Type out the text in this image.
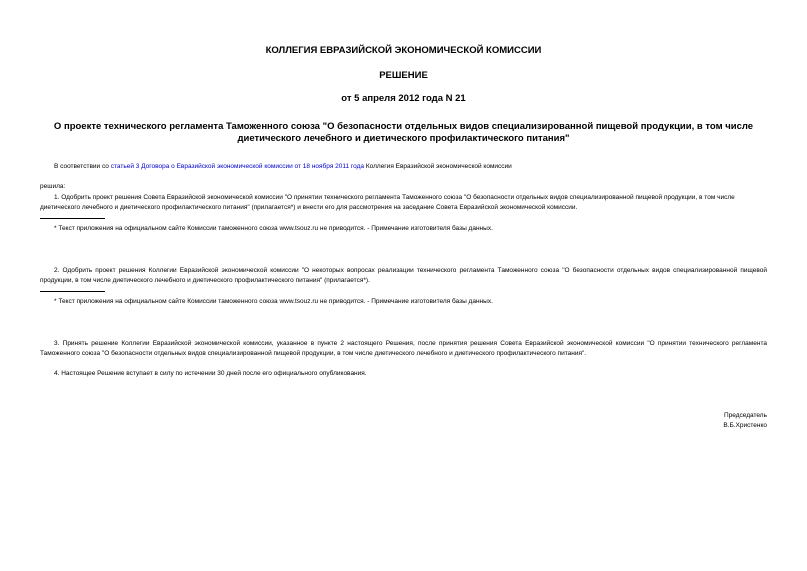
КОЛЛЕГИЯ ЕВРАЗИЙСКОЙ ЭКОНОМИЧЕСКОЙ КОМИССИИ
РЕШЕНИЕ
от 5 апреля 2012 года N 21
О проекте технического регламента Таможенного союза "О безопасности отдельных видов специализированной пищевой продукции, в том числе диетического лечебного и диетического профилактического питания"
В соответствии со статьей 3 Договора о Евразийской экономической комиссии от 18 ноября 2011 года Коллегия Евразийской экономической комиссии
решила:
1. Одобрить проект решения Совета Евразийской экономической комиссии "О принятии технического регламента Таможенного союза "О безопасности отдельных видов специализированной пищевой продукции, в том числе диетического лечебного и диетического профилактического питания" (прилагается*) и внести его для рассмотрения на заседание Совета Евразийской экономической комиссии.
* Текст приложения на официальном сайте Комиссии таможенного союза www.tsouz.ru не приводится. - Примечание изготовителя базы данных.
2. Одобрить проект решения Коллегии Евразийской экономической комиссии "О некоторых вопросах реализации технического регламента Таможенного союза "О безопасности отдельных видов специализированной пищевой продукции, в том числе диетического лечебного и диетического профилактического питания" (прилагается*).
* Текст приложения на официальном сайте Комиссии таможенного союза www.tsouz.ru не приводится. - Примечание изготовителя базы данных.
3. Принять решение Коллегии Евразийской экономической комиссии, указанное в пункте 2 настоящего Решения, после принятия решения Совета Евразийской экономической комиссии "О принятии технического регламента Таможенного союза "О безопасности отдельных видов специализированной пищевой продукции, в том числе диетического лечебного и диетического профилактического питания".
4. Настоящее Решение вступает в силу по истечении 30 дней после его официального опубликования.
Председатель
В.Б.Христенко
